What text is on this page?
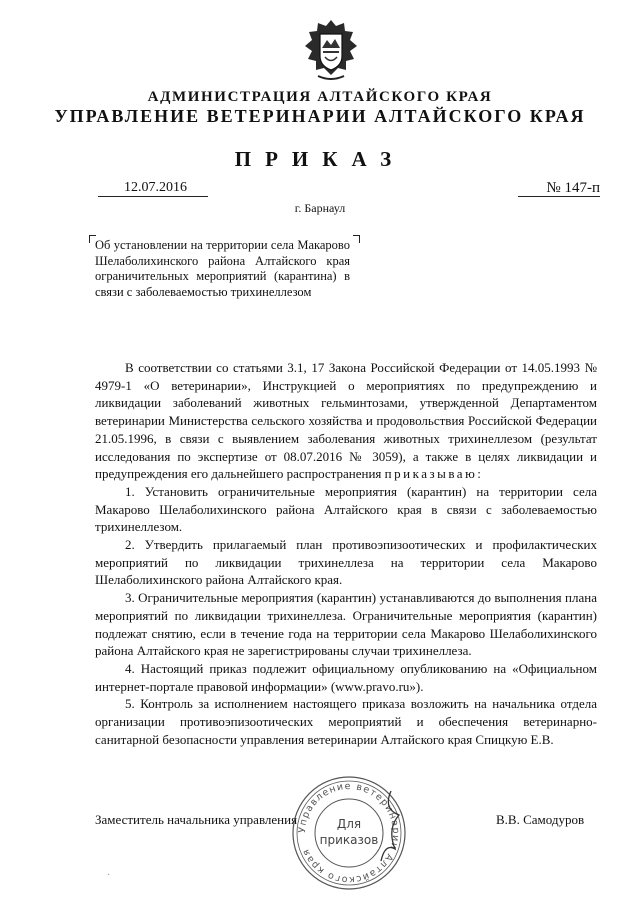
АДМИНИСТРАЦИЯ АЛТАЙСКОГО КРАЯ
УПРАВЛЕНИЕ ВЕТЕРИНАРИИ АЛТАЙСКОГО КРАЯ
ПРИКАЗ
12.07.2016	№ 147-п
г. Барнаул
Об установлении на территории села Макарово Шелаболихинского района Алтайского края ограничительных мероприятий (карантина) в связи с заболеваемостью трихинеллезом

В соответствии со статьями 3.1, 17 Закона Российской Федерации от 14.05.1993 № 4979-1 «О ветеринарии», Инструкцией о мероприятиях по предупреждению и ликвидации заболеваний животных гельминтозами, утвержденной Департаментом ветеринарии Министерства сельского хозяйства и продовольствия Российской Федерации 21.05.1996, в связи с выявлением заболевания животных трихинеллезом (результат исследования по экспертизе от 08.07.2016 № 3059), а также в целях ликвидации и предупреждения его дальнейшего распространения приказываю:

1. Установить ограничительные мероприятия (карантин) на территории села Макарово Шелаболихинского района Алтайского края в связи с заболеваемостью трихинеллезом.

2. Утвердить прилагаемый план противоэпизоотических и профилактических мероприятий по ликвидации трихинеллеза на территории села Макарово Шелаболихинского района Алтайского края.

3. Ограничительные мероприятия (карантин) устанавливаются до выполнения плана мероприятий по ликвидации трихинеллеза. Ограничительные мероприятия (карантин) подлежат снятию, если в течение года на территории села Макарово Шелаболихинского района Алтайского края не зарегистрированы случаи трихинеллеза.

4. Настоящий приказ подлежит официальному опубликованию на «Официальном интернет-портале правовой информации» (www.pravo.ru»).

5. Контроль за исполнением настоящего приказа возложить на начальника отдела организации противоэпизоотических мероприятий и обеспечения ветеринарно-санитарной безопасности управления ветеринарии Алтайского края Спицкую Е.В.

Заместитель начальника управления	В.В. Самодуров
Управление ветеринарии Алтайского края
Для
приказов
·
